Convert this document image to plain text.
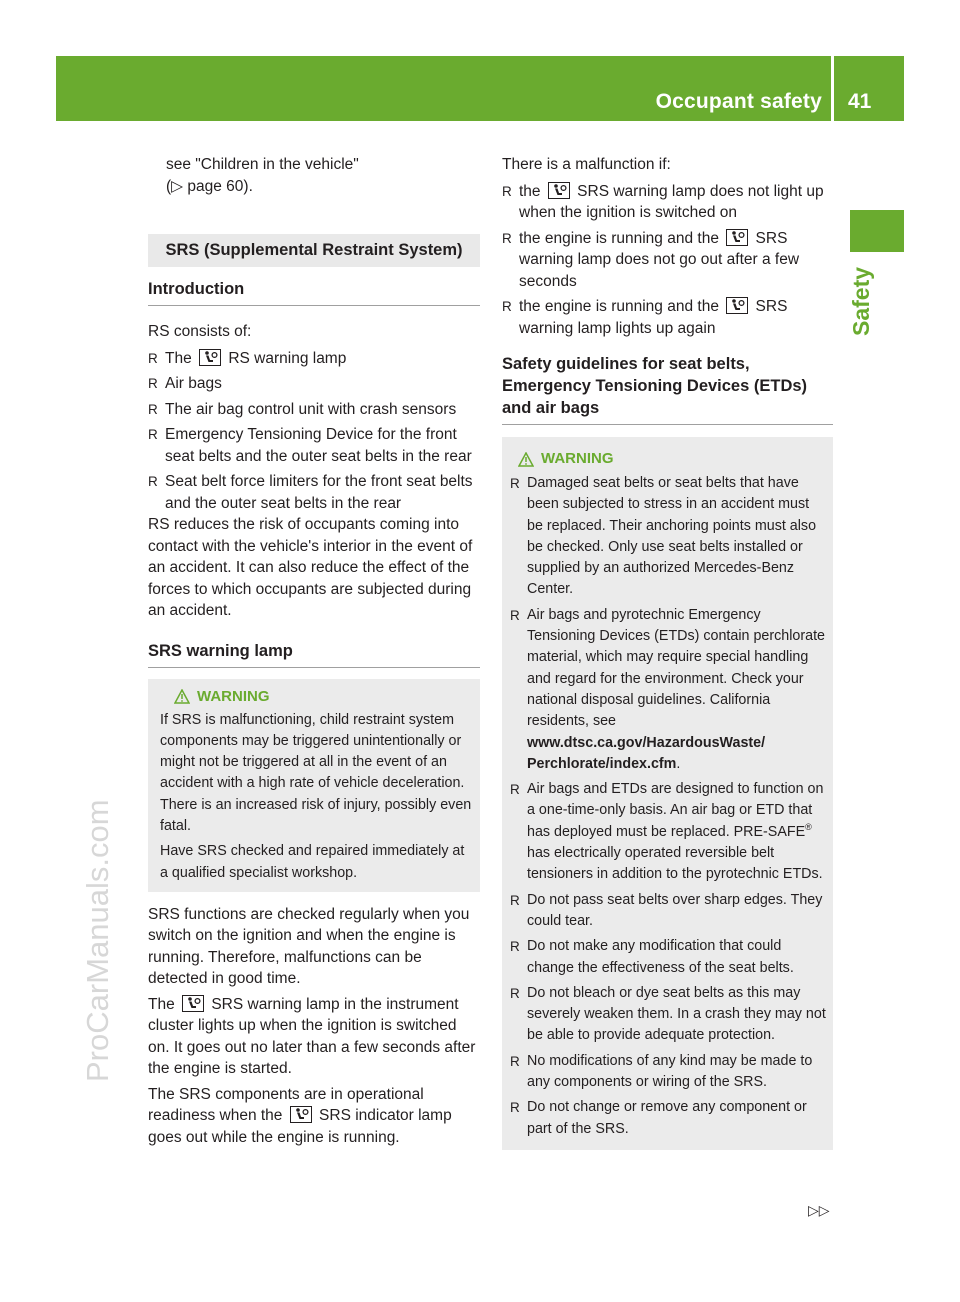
Occupant safety 41
Safety
ProCarManuals.com

see "Children in the vehicle"

(▷ page 60).

SRS (Supplemental Restraint System)
Introduction

RS consists of:

R The
RS warning lamp
R Air bags
R The air bag control unit with crash sensors
R Emergency Tensioning Device for the front seat belts and the outer seat belts in the rear
R Seat belt force limiters for the front seat belts and the outer seat belts in the rear

RS reduces the risk of occupants coming into contact with the vehicle's interior in the event of an accident. It can also reduce the effect of the forces to which occupants are subjected during an accident.

SRS warning lamp
WARNING

If SRS is malfunctioning, child restraint system components may be triggered unintentionally or might not be triggered at all in the event of an accident with a high rate of vehicle deceleration. There is an increased risk of injury, possibly even fatal.

Have SRS checked and repaired immediately at a qualified specialist workshop.

SRS functions are checked regularly when you switch on the ignition and when the engine is running. Therefore, malfunctions can be detected in good time.

The
SRS warning lamp in the instrument cluster lights up when the ignition is switched on. It goes out no later than a few seconds after the engine is started.

The SRS components are in operational readiness when the
SRS indicator lamp goes out while the engine is running.

There is a malfunction if:

R the
SRS warning lamp does not light up when the ignition is switched on
R the engine is running and the
SRS warning lamp does not go out after a few seconds
R the engine is running and the
SRS warning lamp lights up again
Safety guidelines for seat belts, Emergency Tensioning Devices (ETDs) and air bags
WARNING
R Damaged seat belts or seat belts that have been subjected to stress in an accident must be replaced. Their anchoring points must also be checked. Only use seat belts installed or supplied by an authorized Mercedes-Benz Center.
R Air bags and pyrotechnic Emergency Tensioning Devices (ETDs) contain perchlorate material, which may require special handling and regard for the environment. Check your national disposal guidelines. California residents, see www.dtsc.ca.gov/HazardousWaste/ Perchlorate/index.cfm.
R Air bags and ETDs are designed to function on a one-time-only basis. An air bag or ETD that has deployed must be replaced. PRE-SAFE® has electrically operated reversible belt tensioners in addition to the pyrotechnic ETDs.
R Do not pass seat belts over sharp edges. They could tear.
R Do not make any modification that could change the effectiveness of the seat belts.
R Do not bleach or dye seat belts as this may severely weaken them. In a crash they may not be able to provide adequate protection.
R No modifications of any kind may be made to any components or wiring of the SRS.
R Do not change or remove any component or part of the SRS.
▷▷
